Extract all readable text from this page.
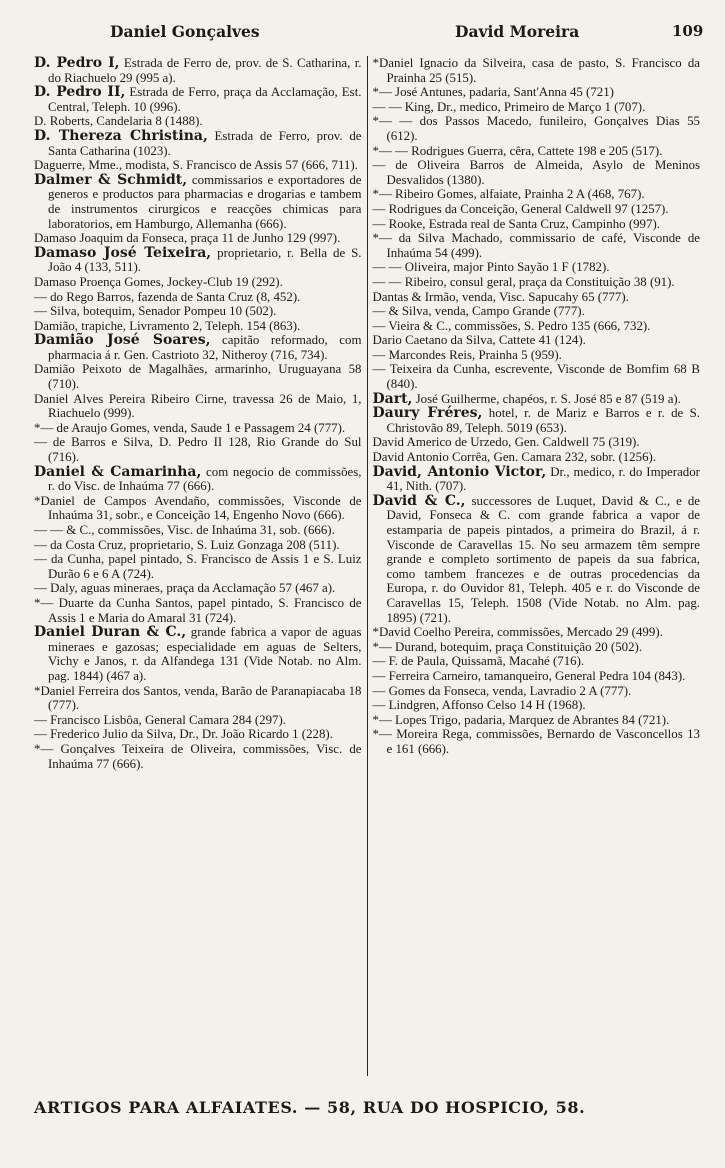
Daniel Gonçalves	David Moreira	109

D. Pedro I, Estrada de Ferro de, prov. de S. Catharina, r. do Riachuelo 29 (995 a).

D. Pedro II, Estrada de Ferro, praça da Acclamação, Est. Central, Teleph. 10 (996).

D. Roberts, Candelaria 8 (1488).

D. Thereza Christina, Estrada de Ferro, prov. de Santa Catharina (1023).

Daguerre, Mme., modista, S. Francisco de Assis 57 (666, 711).

Dalmer & Schmidt, commissarios e exportadores de generos e productos para pharmacias e drogarias e tambem de instrumentos cirurgicos e reacções chimicas para laboratorios, em Hamburgo, Allemanha (666).

Damaso Joaquim da Fonseca, praça 11 de Junho 129 (997).

Damaso José Teixeira, proprietario, r. Bella de S. João 4 (133, 511).

Damaso Proença Gomes, Jockey-Club 19 (292).

— do Rego Barros, fazenda de Santa Cruz (8, 452).

— Silva, botequim, Senador Pompeu 10 (502).

Damião, trapiche, Livramento 2, Teleph. 154 (863).

Damião José Soares, capitão reformado, com pharmacia á r. Gen. Castrioto 32, Nitheroy (716, 734).

Damião Peixoto de Magalhães, armarinho, Uruguayana 58 (710).

Daniel Alves Pereira Ribeiro Cirne, travessa 26 de Maio, 1, Riachuelo (999).

*— de Araujo Gomes, venda, Saude 1 e Passagem 24 (777).

— de Barros e Silva, D. Pedro II 128, Rio Grande do Sul (716).

Daniel & Camarinha, com negocio de commissões, r. do Visc. de Inhaúma 77 (666).

*Daniel de Campos Avendaño, commissões, Visconde de Inhaúma 31, sobr., e Conceição 14, Engenho Novo (666).

— — & C., commissões, Visc. de Inhaúma 31, sob. (666).

— da Costa Cruz, proprietario, S. Luiz Gonzaga 208 (511).

— da Cunha, papel pintado, S. Francisco de Assis 1 e S. Luiz Durão 6 e 6 A (724).

— Daly, aguas mineraes, praça da Acclamação 57 (467 a).

*— Duarte da Cunha Santos, papel pintado, S. Francisco de Assis 1 e Maria do Amaral 31 (724).

Daniel Duran & C., grande fabrica a vapor de aguas mineraes e gazosas; especialidade em aguas de Selters, Vichy e Janos, r. da Alfandega 131 (Vide Notab. no Alm. pag. 1844) (467 a).

*Daniel Ferreira dos Santos, venda, Barão de Paranapiacaba 18 (777).

— Francisco Lisbôa, General Camara 284 (297).

— Frederico Julio da Silva, Dr., Dr. João Ricardo 1 (228).

*— Gonçalves Teixeira de Oliveira, commissões, Visc. de Inhaúma 77 (666).

*Daniel Ignacio da Silveira, casa de pasto, S. Francisco da Prainha 25 (515).

*— José Antunes, padaria, Sant'Anna 45 (721)

— — King, Dr., medico, Primeiro de Março 1 (707).

*— — dos Passos Macedo, funileiro, Gonçalves Dias 55 (612).

*— — Rodrigues Guerra, cêra, Cattete 198 e 205 (517).

— de Oliveira Barros de Almeida, Asylo de Meninos Desvalidos (1380).

*— Ribeiro Gomes, alfaiate, Prainha 2 A (468, 767).

— Rodrigues da Conceição, General Caldwell 97 (1257).

— Rooke, Estrada real de Santa Cruz, Campinho (997).

*— da Silva Machado, commissario de café, Visconde de Inhaúma 54 (499).

— — Oliveira, major Pinto Sayão 1 F (1782).

— — Ribeiro, consul geral, praça da Constituição 38 (91).

Dantas & Irmão, venda, Visc. Sapucahy 65 (777).

— & Silva, venda, Campo Grande (777).

— Vieira & C., commissões, S. Pedro 135 (666, 732).

Dario Caetano da Silva, Cattete 41 (124).

— Marcondes Reis, Prainha 5 (959).

— Teixeira da Cunha, escrevente, Visconde de Bomfim 68 B (840).

Dart, José Guilherme, chapéos, r. S. José 85 e 87 (519 a).

Daury Fréres, hotel, r. de Mariz e Barros e r. de S. Christovão 89, Teleph. 5019 (653).

David Americo de Urzedo, Gen. Caldwell 75 (319).

David Antonio Corrêa, Gen. Camara 232, sobr. (1256).

David, Antonio Victor, Dr., medico, r. do Imperador 41, Nith. (707).

David & C., successores de Luquet, David & C., e de David, Fonseca & C. com grande fabrica a vapor de estamparia de papeis pintados, a primeira do Brazil, á r. Visconde de Caravellas 15. No seu armazem têm sempre grande e completo sortimento de papeis da sua fabrica, como tambem francezes e de outras procedencias da Europa, r. do Ouvidor 81, Teleph. 405 e r. do Visconde de Caravellas 15, Teleph. 1508 (Vide Notab. no Alm. pag. 1895) (721).

*David Coelho Pereira, commissões, Mercado 29 (499).

*— Durand, botequim, praça Constituição 20 (502).

— F. de Paula, Quissamã, Macahé (716).

— Ferreira Carneiro, tamanqueiro, General Pedra 104 (843).

— Gomes da Fonseca, venda, Lavradio 2 A (777).

— Lindgren, Affonso Celso 14 H (1968).

*— Lopes Trigo, padaria, Marquez de Abrantes 84 (721).

*— Moreira Rega, commissões, Bernardo de Vasconcellos 13 e 161 (666).

ARTIGOS PARA ALFAIATES. — 58, RUA DO HOSPICIO, 58.
